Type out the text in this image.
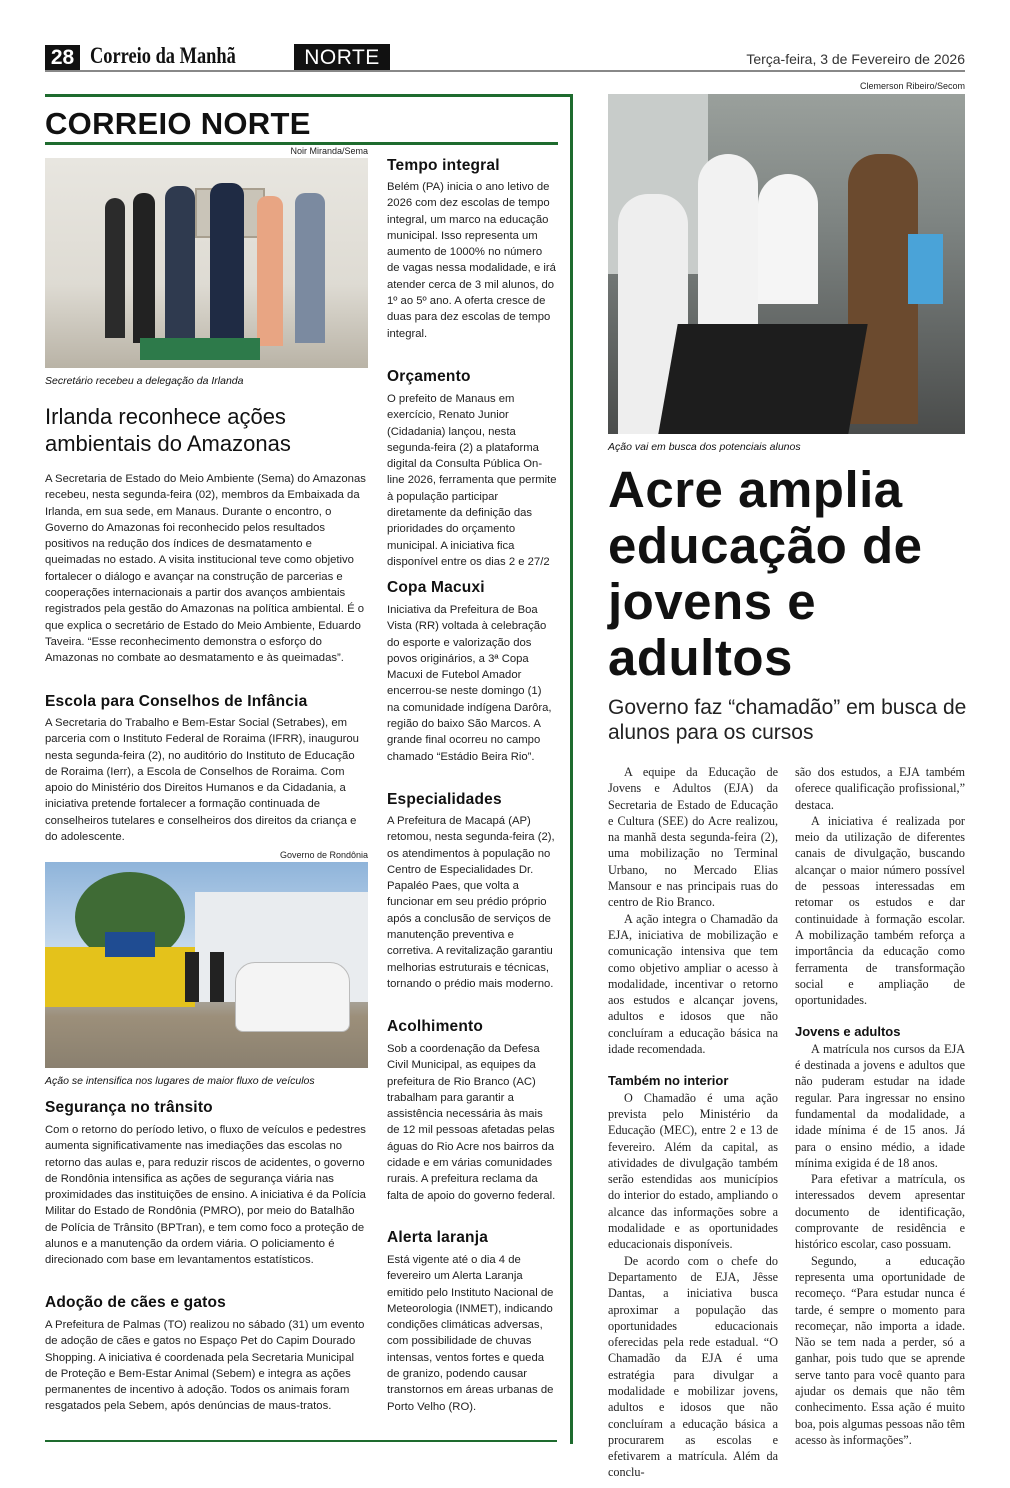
28 Correio da Manhã	NORTE	Terça-feira, 3 de Fevereiro de 2026
CORREIO NORTE
Noir Miranda/Sema
Secretário recebeu a delegação da Irlanda
Irlanda reconhece ações ambientais do Amazonas
A Secretaria de Estado do Meio Ambiente (Sema) do Amazonas recebeu, nesta segunda-feira (02), membros da Embaixada da Irlanda, em sua sede, em Manaus. Durante o encontro, o Governo do Amazonas foi reconhecido pelos resultados positivos na redução dos índices de desmatamento e queimadas no estado. A visita institucional teve como objetivo fortalecer o diálogo e avançar na construção de parcerias e cooperações internacionais a partir dos avanços ambientais registrados pela gestão do Amazonas na política ambiental. É o que explica o secretário de Estado do Meio Ambiente, Eduardo Taveira. “Esse reconhecimento demonstra o esforço do Amazonas no combate ao desmatamento e às queimadas”.
Escola para Conselhos de Infância
A Secretaria do Trabalho e Bem-Estar Social (Setrabes), em parceria com o Instituto Federal de Roraima (IFRR), inaugurou nesta segunda-feira (2), no auditório do Instituto de Educação de Roraima (Ierr), a Escola de Conselhos de Roraima. Com apoio do Ministério dos Direitos Humanos e da Cidadania, a iniciativa pretende fortalecer a formação continuada de conselheiros tutelares e conselheiros dos direitos da criança e do adolescente.
Governo de Rondônia
Ação se intensifica nos lugares de maior fluxo de veículos
Segurança no trânsito
Com o retorno do período letivo, o fluxo de veículos e pedestres aumenta significativamente nas imediações das escolas no retorno das aulas e, para reduzir riscos de acidentes, o governo de Rondônia intensifica as ações de segurança viária nas proximidades das instituições de ensino. A iniciativa é da Polícia Militar do Estado de Rondônia (PMRO), por meio do Batalhão de Polícia de Trânsito (BPTran), e tem como foco a proteção de alunos e a manutenção da ordem viária. O policiamento é direcionado com base em levantamentos estatísticos.
Adoção de cães e gatos
A Prefeitura de Palmas (TO) realizou no sábado (31) um evento de adoção de cães e gatos no Espaço Pet do Capim Dourado Shopping. A iniciativa é coordenada pela Secretaria Municipal de Proteção e Bem-Estar Animal (Sebem) e integra as ações permanentes de incentivo à adoção. Todos os animais foram resgatados pela Sebem, após denúncias de maus-tratos.
Tempo integral
Belém (PA) inicia o ano letivo de 2026 com dez escolas de tempo integral, um marco na educação municipal. Isso representa um aumento de 1000% no número de vagas nessa modalidade, e irá atender cerca de 3 mil alunos, do 1º ao 5º ano. A oferta cresce de duas para dez escolas de tempo integral.
Orçamento
O prefeito de Manaus em exercício, Renato Junior (Cidadania) lançou, nesta segunda-feira (2) a plataforma digital da Consulta Pública On-line 2026, ferramenta que permite à população participar diretamente da definição das prioridades do orçamento municipal. A iniciativa fica disponível entre os dias 2 e 27/2
Copa Macuxi
Iniciativa da Prefeitura de Boa Vista (RR) voltada à celebração do esporte e valorização dos povos originários, a 3ª Copa Macuxi de Futebol Amador encerrou-se neste domingo (1) na comunidade indígena Darôra, região do baixo São Marcos. A grande final ocorreu no campo chamado “Estádio Beira Rio”.
Especialidades
A Prefeitura de Macapá (AP) retomou, nesta segunda-feira (2), os atendimentos à população no Centro de Especialidades Dr. Papaléo Paes, que volta a funcionar em seu prédio próprio após a conclusão de serviços de manutenção preventiva e corretiva. A revitalização garantiu melhorias estruturais e técnicas, tornando o prédio mais moderno.
Acolhimento
Sob a coordenação da Defesa Civil Municipal, as equipes da prefeitura de Rio Branco (AC) trabalham para garantir a assistência necessária às mais de 12 mil pessoas afetadas pelas águas do Rio Acre nos bairros da cidade e em várias comunidades rurais. A prefeitura reclama da falta de apoio do governo federal.
Alerta laranja
Está vigente até o dia 4 de fevereiro um Alerta Laranja emitido pelo Instituto Nacional de Meteorologia (INMET), indicando condições climáticas adversas, com possibilidade de chuvas intensas, ventos fortes e queda de granizo, podendo causar transtornos em áreas urbanas de Porto Velho (RO).
Clemerson Ribeiro/Secom
Ação vai em busca dos potenciais alunos
Acre amplia educação de jovens e adultos
Governo faz “chamadão” em busca de alunos para os cursos

A equipe da Educação de Jovens e Adultos (EJA) da Secretaria de Estado de Educação e Cultura (SEE) do Acre realizou, na manhã desta segunda-feira (2), uma mobilização no Terminal Urbano, no Mercado Elias Mansour e nas principais ruas do centro de Rio Branco.

A ação integra o Chamadão da EJA, iniciativa de mobilização e comunicação intensiva que tem como objetivo ampliar o acesso à modalidade, incentivar o retorno aos estudos e alcançar jovens, adultos e idosos que não concluíram a educação básica na idade recomendada.

Também no interior

O Chamadão é uma ação prevista pelo Ministério da Educação (MEC), entre 2 e 13 de fevereiro. Além da capital, as atividades de divulgação também serão estendidas aos municípios do interior do estado, ampliando o alcance das informações sobre a modalidade e as oportunidades educacionais disponíveis.

De acordo com o chefe do Departamento de EJA, Jêsse Dantas, a iniciativa busca aproximar a população das oportunidades educacionais oferecidas pela rede estadual. “O Chamadão da EJA é uma estratégia para divulgar a modalidade e mobilizar jovens, adultos e idosos que não concluíram a educação básica a procurarem as escolas e efetivarem a matrícula. Além da conclu-

são dos estudos, a EJA também oferece qualificação profissional,” destaca.

A iniciativa é realizada por meio da utilização de diferentes canais de divulgação, buscando alcançar o maior número possível de pessoas interessadas em retomar os estudos e dar continuidade à formação escolar. A mobilização também reforça a importância da educação como ferramenta de transformação social e ampliação de oportunidades.

Jovens e adultos

A matrícula nos cursos da EJA é destinada a jovens e adultos que não puderam estudar na idade regular. Para ingressar no ensino fundamental da modalidade, a idade mínima é de 15 anos. Já para o ensino médio, a idade mínima exigida é de 18 anos.

Para efetivar a matrícula, os interessados devem apresentar documento de identificação, comprovante de residência e histórico escolar, caso possuam.

Segundo, a educação representa uma oportunidade de recomeço. “Para estudar nunca é tarde, é sempre o momento para recomeçar, não importa a idade. Não se tem nada a perder, só a ganhar, pois tudo que se aprende serve tanto para você quanto para ajudar os demais que não têm conhecimento. Essa ação é muito boa, pois algumas pessoas não têm acesso às informações”.
